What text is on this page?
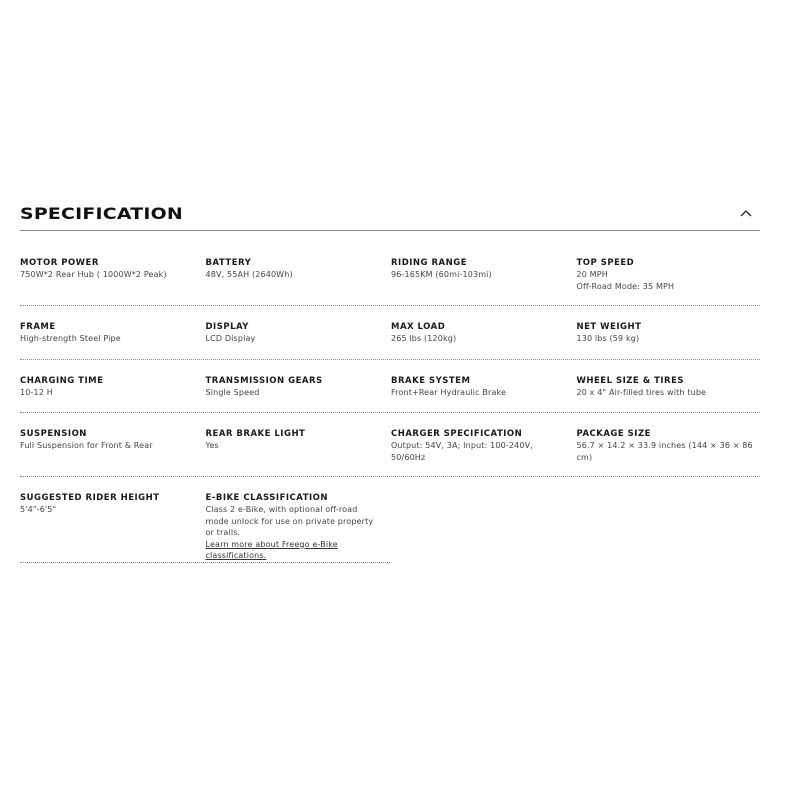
SPECIFICATION
MOTOR POWER
750W*2 Rear Hub ( 1000W*2 Peak)
BATTERY
48V, 55AH (2640Wh)
RIDING RANGE
96-165KM (60mi-103mi)
TOP SPEED
20 MPH
Off-Road Mode: 35 MPH
FRAME
High-strength Steel Pipe
DISPLAY
LCD Display
MAX LOAD
265 lbs (120kg)
NET WEIGHT
130 lbs (59 kg)
CHARGING TIME
10-12 H
TRANSMISSION GEARS
Single Speed
BRAKE SYSTEM
Front+Rear Hydraulic Brake
WHEEL SIZE & TIRES
20 x 4" Air-filled tires with tube
SUSPENSION
Full Suspension for Front & Rear
REAR BRAKE LIGHT
Yes
CHARGER SPECIFICATION
Output: 54V, 3A; Input: 100-240V, 50/60Hz
PACKAGE SIZE
56.7 × 14.2 × 33.9 inches (144 × 36 × 86 cm)
SUGGESTED RIDER HEIGHT
5'4"-6'5"
E-BIKE CLASSIFICATION
Class 2 e-Bike, with optional off-road mode unlock for use on private property or trails.
Learn more about Freego e-Bike classifications.
